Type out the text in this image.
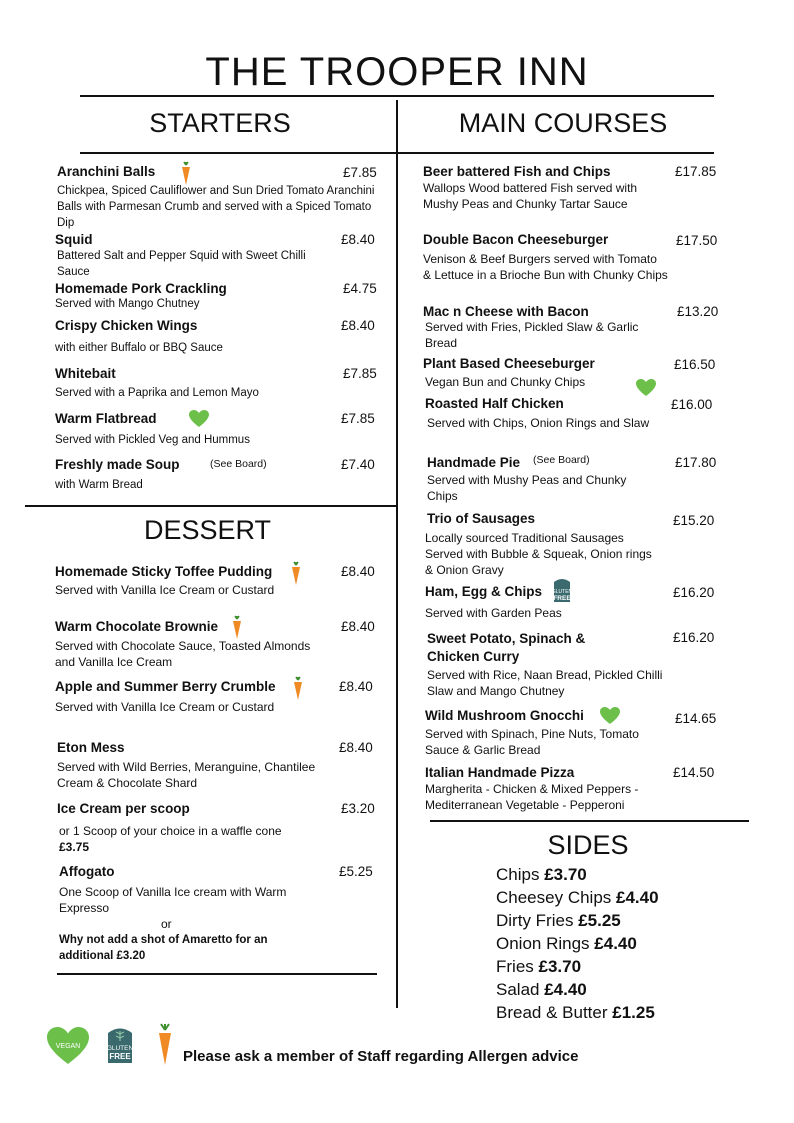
THE TROOPER INN
STARTERS	MAIN COURSES
Aranchini Balls	£7.85
Chickpea, Spiced Cauliflower and Sun Dried Tomato Aranchini Balls with Parmesan Crumb and served with a Spiced Tomato Dip
Squid	£8.40
Battered Salt and Pepper Squid with Sweet Chilli Sauce
Homemade Pork Crackling	£4.75
Served with Mango Chutney
Crispy Chicken Wings	£8.40
with either Buffalo or BBQ Sauce
Whitebait	£7.85
Served with a Paprika and Lemon Mayo
Warm Flatbread	£7.85
Served with Pickled Veg and Hummus
Freshly made Soup	(See Board)	£7.40
with Warm Bread
DESSERT
Homemade Sticky Toffee Pudding	£8.40
Served with Vanilla Ice Cream or Custard
Warm Chocolate Brownie	£8.40
Served with Chocolate Sauce, Toasted Almonds and Vanilla Ice Cream
Apple and Summer Berry Crumble	£8.40
Served with Vanilla Ice Cream or Custard
Eton Mess	£8.40
Served with Wild Berries, Meranguine, Chantilee Cream & Chocolate Shard
Ice Cream per scoop	£3.20
or 1 Scoop of your choice in a waffle cone £3.75
Affogato	£5.25
One Scoop of Vanilla Ice cream with Warm Expresso
or
Why not add a shot of Amaretto for an additional £3.20
Beer battered Fish and Chips	£17.85
Wallops Wood battered Fish served with Mushy Peas and Chunky Tartar Sauce
Double Bacon Cheeseburger	£17.50
Venison & Beef Burgers served with Tomato & Lettuce in a Brioche Bun with Chunky Chips
Mac n Cheese with Bacon	£13.20
Served with Fries, Pickled Slaw & Garlic Bread
Plant Based Cheeseburger	£16.50
Vegan Bun and Chunky Chips
Roasted Half Chicken	£16.00
Served with Chips, Onion Rings and Slaw
Handmade Pie (See Board)	£17.80
Served with Mushy Peas and Chunky Chips
Trio of Sausages	£15.20
Locally sourced Traditional Sausages Served with Bubble & Squeak, Onion rings & Onion Gravy
Ham, Egg & Chips GLUTEN
FREE	£16.20
Served with Garden Peas
Sweet Potato, Spinach & Chicken Curry
£16.20
Served with Rice, Naan Bread, Pickled Chilli Slaw and Mango Chutney
Wild Mushroom Gnocchi	£14.65
Served with Spinach, Pine Nuts, Tomato Sauce & Garlic Bread
Italian Handmade Pizza	£14.50
Margherita - Chicken & Mixed Peppers - Mediterranean Vegetable - Pepperoni
SIDES
Chips £3.70
Cheesey Chips £4.40
Dirty Fries £5.25
Onion Rings £4.40
Fries £3.70
Salad £4.40
Bread & Butter £1.25
VEGAN	GLUTEN
FREE	Please ask a member of Staff regarding Allergen advice
